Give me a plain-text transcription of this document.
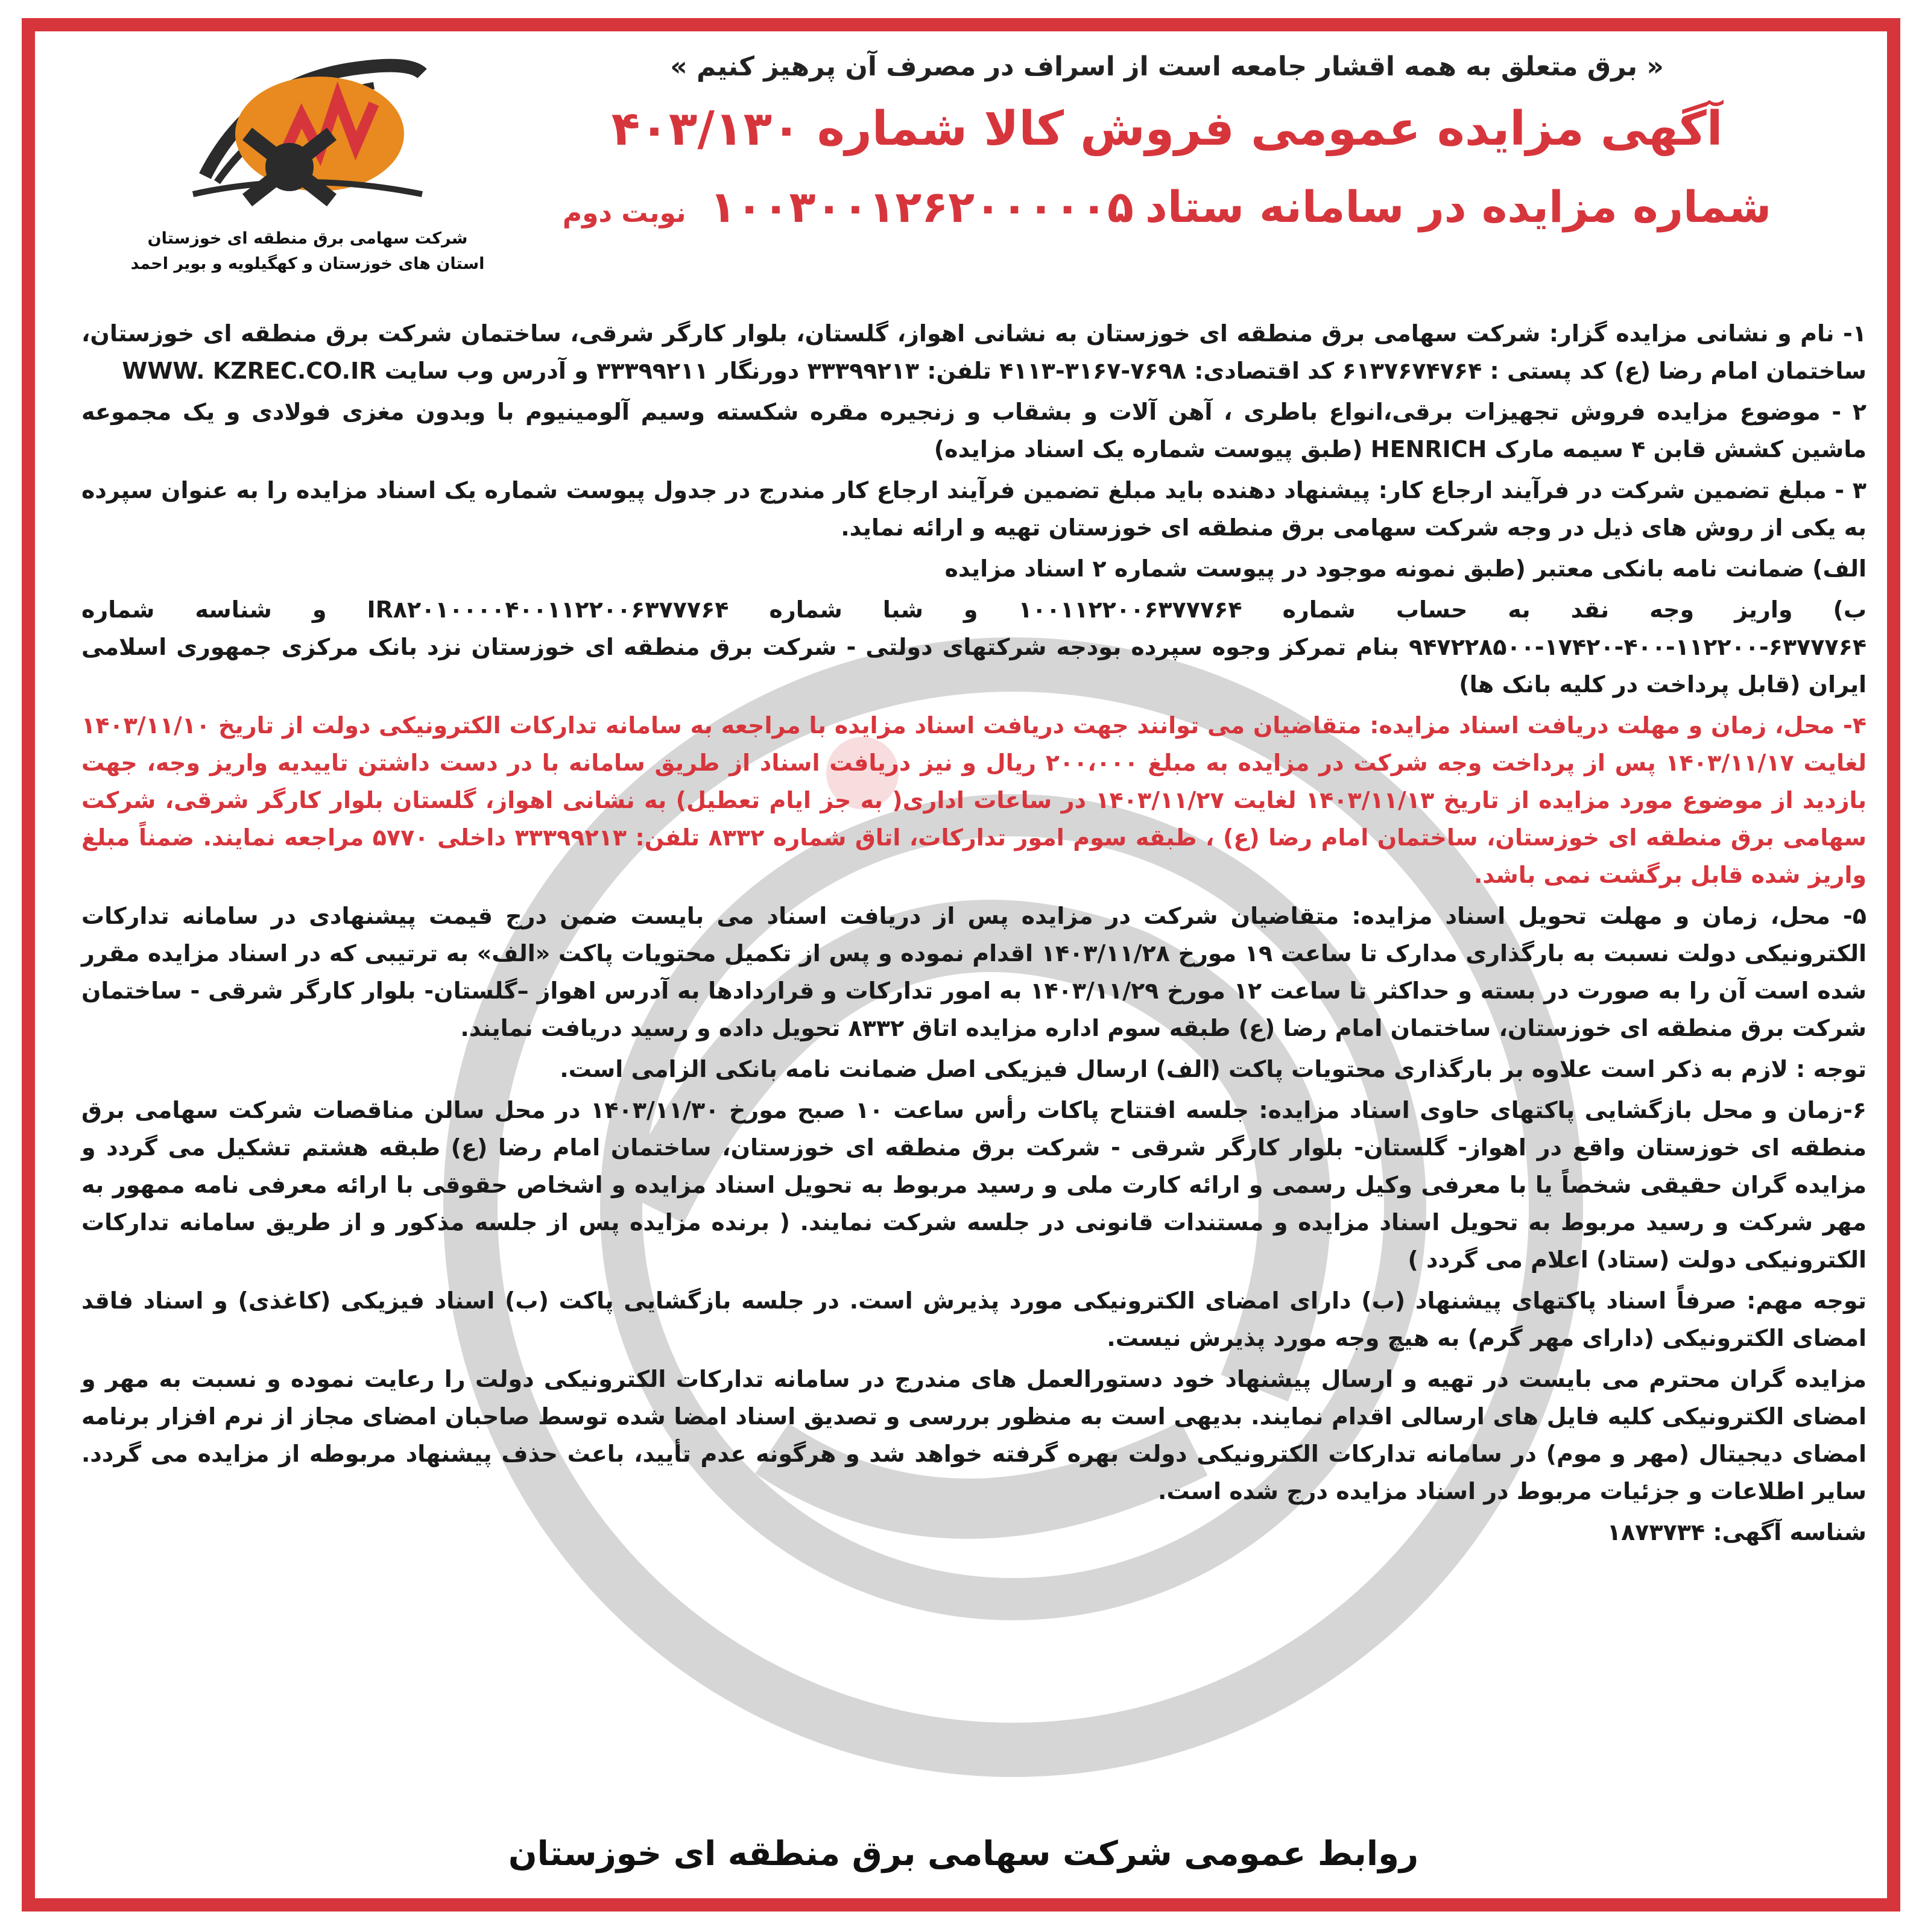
شرکت سهامی برق منطقه ای خوزستان
استان های خوزستان و کهگیلویه و بویر احمد

« برق متعلق به همه اقشار جامعه است از اسراف در مصرف آن پرهیز کنیم »

آگهی مزایده عمومی فروش کالا شماره ۴۰۳/۱۳۰

شماره مزایده در سامانه ستاد ۱۰۰۳۰۰۱۲۶۲۰۰۰۰۰۵ نوبت دوم

۱- نام و نشانی مزایده گزار: شرکت سهامی برق منطقه ای خوزستان به نشانی اهواز، گلستان، بلوار کارگر شرقی، ساختمان شرکت برق منطقه ای خوزستان، ساختمان امام رضا (ع) کد پستی : ۶۱۳۷۶۷۴۷۶۴ کد اقتصادی: ۷۶۹۸-۳۱۶۷-۴۱۱۳ تلفن: ۳۳۳۹۹۲۱۳ دورنگار ۳۳۳۹۹۲۱۱ و آدرس وب سایت WWW. KZREC.CO.IR

۲ - موضوع مزایده فروش تجهیزات برقی،انواع باطری ، آهن آلات و بشقاب و زنجیره مقره شکسته وسیم آلومینیوم با وبدون مغزی فولادی و یک مجموعه ماشین کشش قابن ۴ سیمه مارک HENRICH (طبق پیوست شماره یک اسناد مزایده)

۳ - مبلغ تضمین شرکت در فرآیند ارجاع کار: پیشنهاد دهنده باید مبلغ تضمین فرآیند ارجاع کار مندرج در جدول پیوست شماره یک اسناد مزایده را به عنوان سپرده به یکی از روش های ذیل در وجه شرکت سهامی برق منطقه ای خوزستان تهیه و ارائه نماید.

الف) ضمانت نامه بانکی معتبر (طبق نمونه موجود در پیوست شماره ۲ اسناد مزایده

ب) واریز وجه نقد به حساب شماره ۱۰۰۱۱۲۲۰۰۶۳۷۷۷۶۴ و شبا شماره IR۸۲۰۱۰۰۰۰۴۰۰۱۱۲۲۰۰۶۳۷۷۷۶۴ و شناسه شماره ۶۳۷۷۷۶۴-۱۱۲۲۰۰-۴۰۰-۱۷۴۲۰-۹۴۷۲۲۸۵۰۰ بنام تمرکز وجوه سپرده بودجه شرکتهای دولتی - شرکت برق منطقه ای خوزستان نزد بانک مرکزی جمهوری اسلامی ایران (قابل پرداخت در کلیه بانک ها)

۴- محل، زمان و مهلت دریافت اسناد مزایده: متقاضیان می توانند جهت دریافت اسناد مزایده با مراجعه به سامانه تدارکات الکترونیکی دولت از تاریخ ۱۴۰۳/۱۱/۱۰ لغایت ۱۴۰۳/۱۱/۱۷ پس از پرداخت وجه شرکت در مزایده به مبلغ ۲۰۰،۰۰۰ ریال و نیز دریافت اسناد از طریق سامانه با در دست داشتن تاییدیه واریز وجه، جهت بازدید از موضوع مورد مزایده از تاریخ ۱۴۰۳/۱۱/۱۳ لغایت ۱۴۰۳/۱۱/۲۷ در ساعات اداری( به جز ایام تعطیل) به نشانی اهواز، گلستان بلوار کارگر شرقی، شرکت سهامی برق منطقه ای خوزستان، ساختمان امام رضا (ع) ، طبقه سوم امور تدارکات، اتاق شماره ۸۳۳۲ تلفن: ۳۳۳۹۹۲۱۳ داخلی ۵۷۷۰ مراجعه نمایند. ضمناً مبلغ واریز شده قابل برگشت نمی باشد.

۵- محل، زمان و مهلت تحویل اسناد مزایده: متقاضیان شرکت در مزایده پس از دریافت اسناد می بایست ضمن درج قیمت پیشنهادی در سامانه تدارکات الکترونیکی دولت نسبت به بارگذاری مدارک تا ساعت ۱۹ مورخ ۱۴۰۳/۱۱/۲۸ اقدام نموده و پس از تکمیل محتویات پاکت «الف» به ترتیبی که در اسناد مزایده مقرر شده است آن را به صورت در بسته و حداکثر تا ساعت ۱۲ مورخ ۱۴۰۳/۱۱/۲۹ به امور تدارکات و قراردادها به آدرس اهواز –گلستان- بلوار کارگر شرقی - ساختمان شرکت برق منطقه ای خوزستان، ساختمان امام رضا (ع) طبقه سوم اداره مزایده اتاق ۸۳۳۲ تحویل داده و رسید دریافت نمایند.

توجه : لازم به ذکر است علاوه بر بارگذاری محتویات پاکت (الف) ارسال فیزیکی اصل ضمانت نامه بانکی الزامی است.

۶-زمان و محل بازگشایی پاکتهای حاوی اسناد مزایده: جلسه افتتاح پاکات رأس ساعت ۱۰ صبح مورخ ۱۴۰۳/۱۱/۳۰ در محل سالن مناقصات شرکت سهامی برق منطقه ای خوزستان واقع در اهواز- گلستان- بلوار کارگر شرقی - شرکت برق منطقه ای خوزستان، ساختمان امام رضا (ع) طبقه هشتم تشکیل می گردد و مزایده گران حقیقی شخصاً یا با معرفی وکیل رسمی و ارائه کارت ملی و رسید مربوط به تحویل اسناد مزایده و اشخاص حقوقی با ارائه معرفی نامه ممهور به مهر شرکت و رسید مربوط به تحویل اسناد مزایده و مستندات قانونی در جلسه شرکت نمایند. ( برنده مزایده پس از جلسه مذکور و از طریق سامانه تدارکات الکترونیکی دولت (ستاد) اعلام می گردد )

توجه مهم: صرفاً اسناد پاکتهای پیشنهاد (ب) دارای امضای الکترونیکی مورد پذیرش است. در جلسه بازگشایی پاکت (ب) اسناد فیزیکی (کاغذی) و اسناد فاقد امضای الکترونیکی (دارای مهر گرم) به هیچ وجه مورد پذیرش نیست.

مزایده گران محترم می بایست در تهیه و ارسال پیشنهاد خود دستورالعمل های مندرج در سامانه تدارکات الکترونیکی دولت را رعایت نموده و نسبت به مهر و امضای الکترونیکی کلیه فایل های ارسالی اقدام نمایند. بدیهی است به منظور بررسی و تصدیق اسناد امضا شده توسط صاحبان امضای مجاز از نرم افزار برنامه امضای دیجیتال (مهر و موم) در سامانه تدارکات الکترونیکی دولت بهره گرفته خواهد شد و هرگونه عدم تأیید، باعث حذف پیشنهاد مربوطه از مزایده می گردد. سایر اطلاعات و جزئیات مربوط در اسناد مزایده درج شده است.

شناسه آگهی: ۱۸۷۳۷۳۴

روابط عمومی شرکت سهامی برق منطقه ای خوزستان
